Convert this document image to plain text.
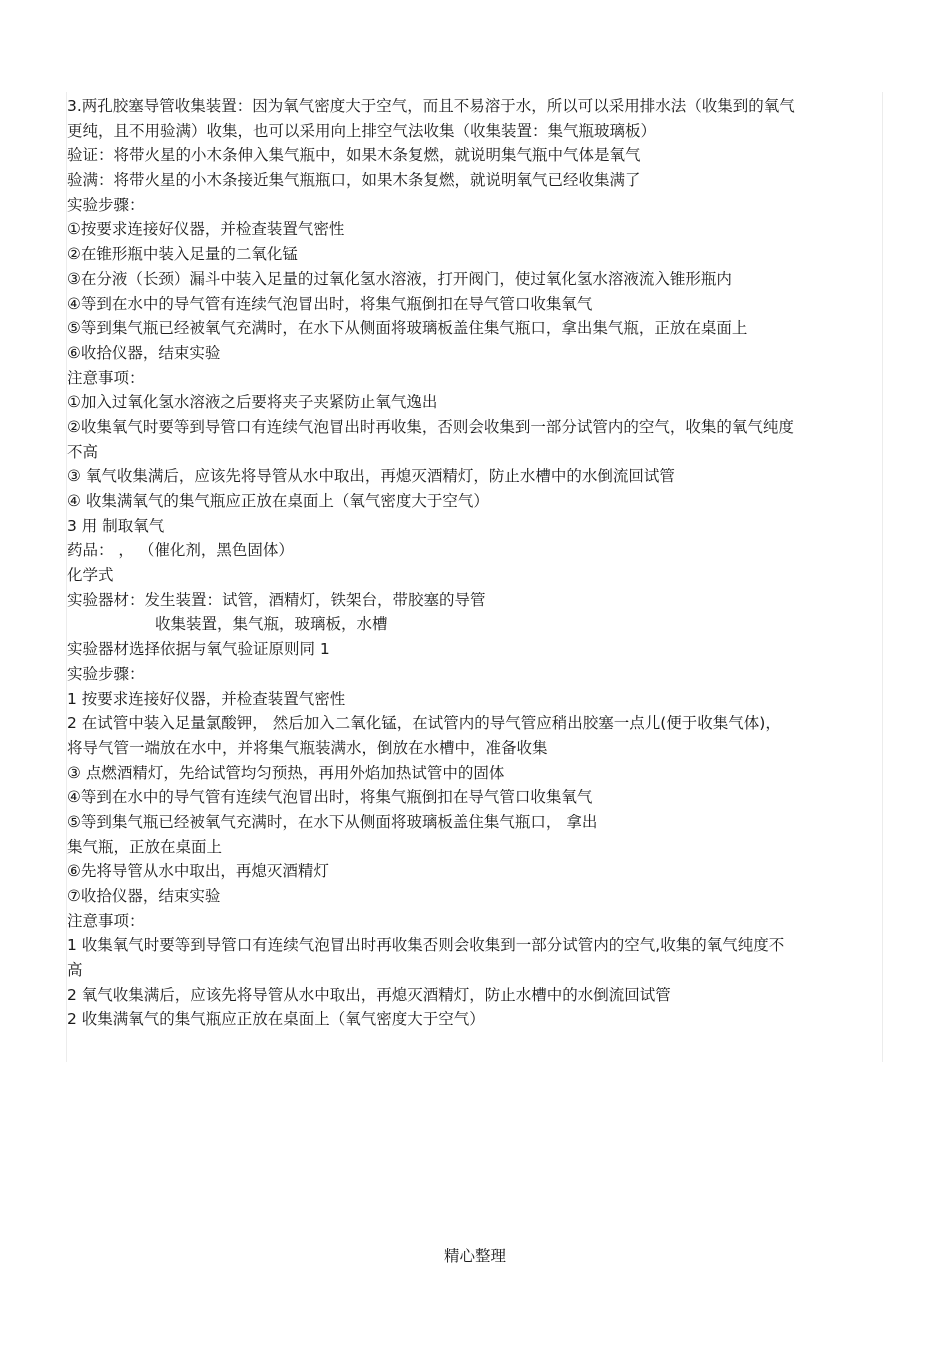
3.两孔胶塞导管收集装置：因为氧气密度大于空气，而且不易溶于水，所以可以采用排水法（收集到的氧气
更纯，且不用验满）收集，也可以采用向上排空气法收集（收集装置：集气瓶玻璃板）
验证：将带火星的小木条伸入集气瓶中，如果木条复燃，就说明集气瓶中气体是氧气
验满：将带火星的小木条接近集气瓶瓶口，如果木条复燃，就说明氧气已经收集满了
实验步骤：
①按要求连接好仪器，并检查装置气密性
②在锥形瓶中装入足量的二氧化锰
③在分液（长颈）漏斗中装入足量的过氧化氢水溶液，打开阀门，使过氧化氢水溶液流入锥形瓶内
④等到在水中的导气管有连续气泡冒出时，将集气瓶倒扣在导气管口收集氧气
⑤等到集气瓶已经被氧气充满时，在水下从侧面将玻璃板盖住集气瓶口，拿出集气瓶，正放在桌面上
⑥收拾仪器，结束实验
注意事项：
①加入过氧化氢水溶液之后要将夹子夹紧防止氧气逸出
②收集氧气时要等到导管口有连续气泡冒出时再收集，否则会收集到一部分试管内的空气，收集的氧气纯度
不高
③ 氧气收集满后，应该先将导管从水中取出，再熄灭酒精灯，防止水槽中的水倒流回试管
④ 收集满氧气的集气瓶应正放在桌面上（氧气密度大于空气）
3 用 制取氧气
药品： ， （催化剂，黑色固体）
化学式
实验器材：发生装置：试管，酒精灯，铁架台，带胶塞的导管
收集装置，集气瓶，玻璃板，水槽
实验器材选择依据与氧气验证原则同 1
实验步骤：
1 按要求连接好仪器，并检查装置气密性
2 在试管中装入足量氯酸钾， 然后加入二氧化锰，在试管内的导气管应稍出胶塞一点儿(便于收集气体)，
将导气管一端放在水中，并将集气瓶装满水，倒放在水槽中，准备收集
③ 点燃酒精灯，先给试管均匀预热，再用外焰加热试管中的固体
④等到在水中的导气管有连续气泡冒出时，将集气瓶倒扣在导气管口收集氧气
⑤等到集气瓶已经被氧气充满时，在水下从侧面将玻璃板盖住集气瓶口， 拿出
集气瓶，正放在桌面上
⑥先将导管从水中取出，再熄灭酒精灯
⑦收拾仪器，结束实验
注意事项：
1 收集氧气时要等到导管口有连续气泡冒出时再收集否则会收集到一部分试管内的空气,收集的氧气纯度不
高
2 氧气收集满后，应该先将导管从水中取出，再熄灭酒精灯，防止水槽中的水倒流回试管
2 收集满氧气的集气瓶应正放在桌面上（氧气密度大于空气）
精心整理
